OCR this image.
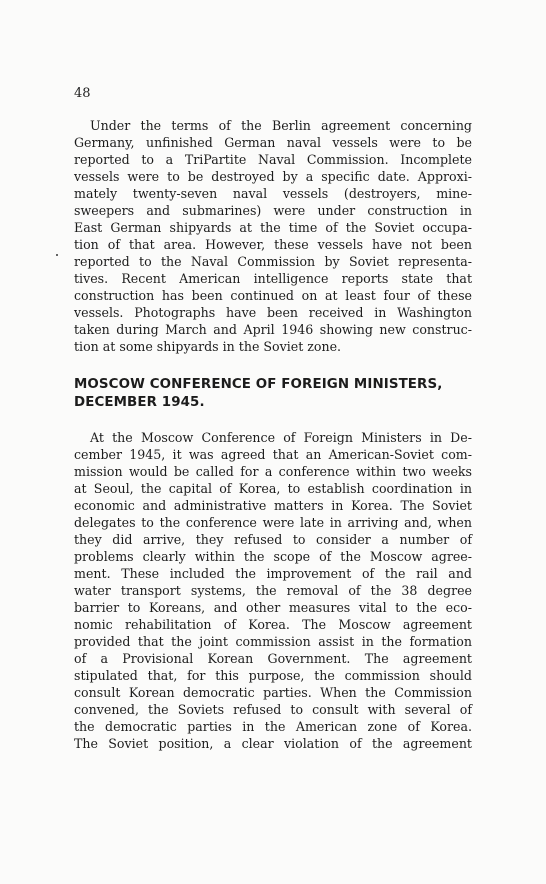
48

Under the terms of the Berlin agreement concerning

Germany, unfinished German naval vessels were to be

reported to a TriPartite Naval Commission. Incomplete

vessels were to be destroyed by a specific date. Approxi-

mately twenty-seven naval vessels (destroyers, mine-

sweepers and submarines) were under construction in

East German shipyards at the time of the Soviet occupa-

tion of that area. However, these vessels have not been

reported to the Naval Commission by Soviet representa-

tives. Recent American intelligence reports state that

construction has been continued on at least four of these

vessels. Photographs have been received in Washington

taken during March and April 1946 showing new construc-

tion at some shipyards in the Soviet zone.

MOSCOW CONFERENCE OF FOREIGN MINISTERS,

DECEMBER 1945.

At the Moscow Conference of Foreign Ministers in De-

cember 1945, it was agreed that an American-Soviet com-

mission would be called for a conference within two weeks

at Seoul, the capital of Korea, to establish coordination in

economic and administrative matters in Korea. The Soviet

delegates to the conference were late in arriving and, when

they did arrive, they refused to consider a number of

problems clearly within the scope of the Moscow agree-

ment. These included the improvement of the rail and

water transport systems, the removal of the 38 degree

barrier to Koreans, and other measures vital to the eco-

nomic rehabilitation of Korea. The Moscow agreement

provided that the joint commission assist in the formation

of a Provisional Korean Government. The agreement

stipulated that, for this purpose, the commission should

consult Korean democratic parties. When the Commission

convened, the Soviets refused to consult with several of

the democratic parties in the American zone of Korea.

The Soviet position, a clear violation of the agreement
